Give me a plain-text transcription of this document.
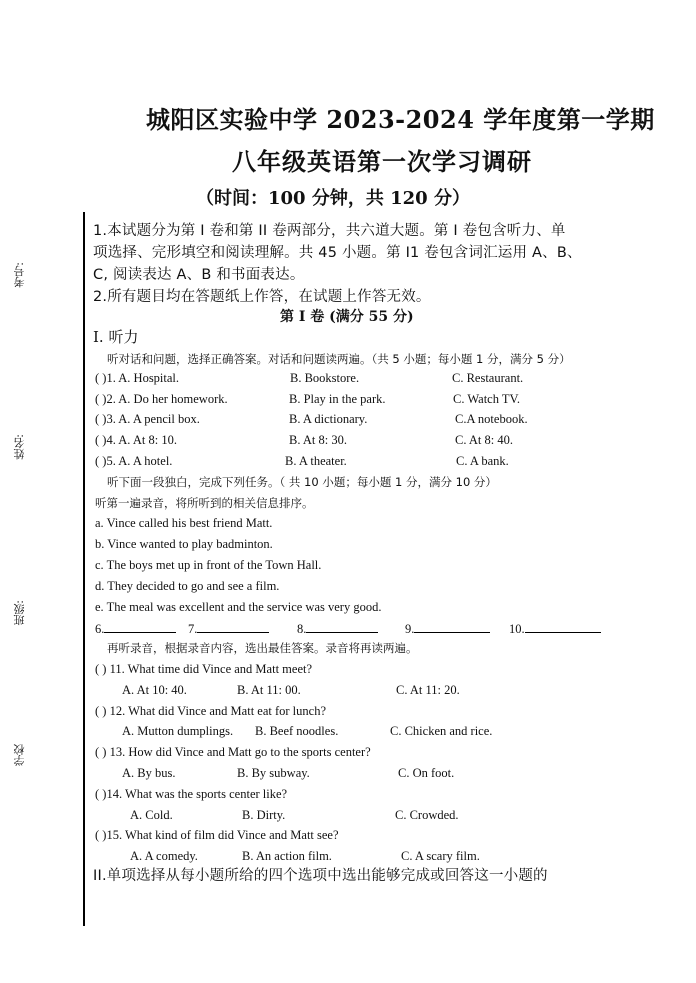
考号:
姓名:
班级:
学校
城阳区实验中学 2023-2024 学年度第一学期
八年级英语第一次学习调研
（时间：100 分钟，共 120 分）
1.本试题分为第 I 卷和第 II 卷两部分，共六道大题。第 I 卷包含听力、单
项选择、完形填空和阅读理解。共 45 小题。第 I1 卷包含词汇运用 A、B、
C, 阅读表达 A、B 和书面表达。
2.所有题目均在答题纸上作答，在试题上作答无效。
第 I 卷 (满分 55 分)
I. 听力
听对话和问题，选择正确答案。对话和问题读两遍。（共 5 小题；每小题 1 分，满分 5 分）
( )1. A. Hospital.	B. Bookstore.	C. Restaurant.
( )2. A. Do her homework.	B. Play in the park.	C. Watch TV.
( )3. A. A pencil box.	B. A dictionary.	C.A notebook.
( )4. A. At 8: 10.	B. At 8: 30.	C. At 8: 40.
( )5. A. A hotel.	B. A theater.	C. A bank.
听下面一段独白，完成下列任务。（ 共 10 小题；每小题 1 分，满分 10 分）
听第一遍录音，将所听到的相关信息排序。
a. Vince called his best friend Matt.
b. Vince wanted to play badminton.
c. The boys met up in front of the Town Hall.
d. They decided to go and see a film.
e. The meal was excellent and the service was very good.
6.	7.	8.	9.	10.
再听录音，根据录音内容，选出最佳答案。录音将再读两遍。
( ) 11. What time did Vince and Matt meet?
A. At 10: 40.	B. At 11: 00.	C. At 11: 20.
( ) 12. What did Vince and Matt eat for lunch?
A. Mutton dumplings. B. Beef noodles.	C. Chicken and rice.
( ) 13. How did Vince and Matt go to the sports center?
A. By bus.	B. By subway.	C. On foot.
( )14. What was the sports center like?
A. Cold.	B. Dirty.	C. Crowded.
( )15. What kind of film did Vince and Matt see?
A. A comedy.	B. An action film.	C. A scary film.
II.单项选择从每小题所给的四个选项中选出能够完成或回答这一小题的
